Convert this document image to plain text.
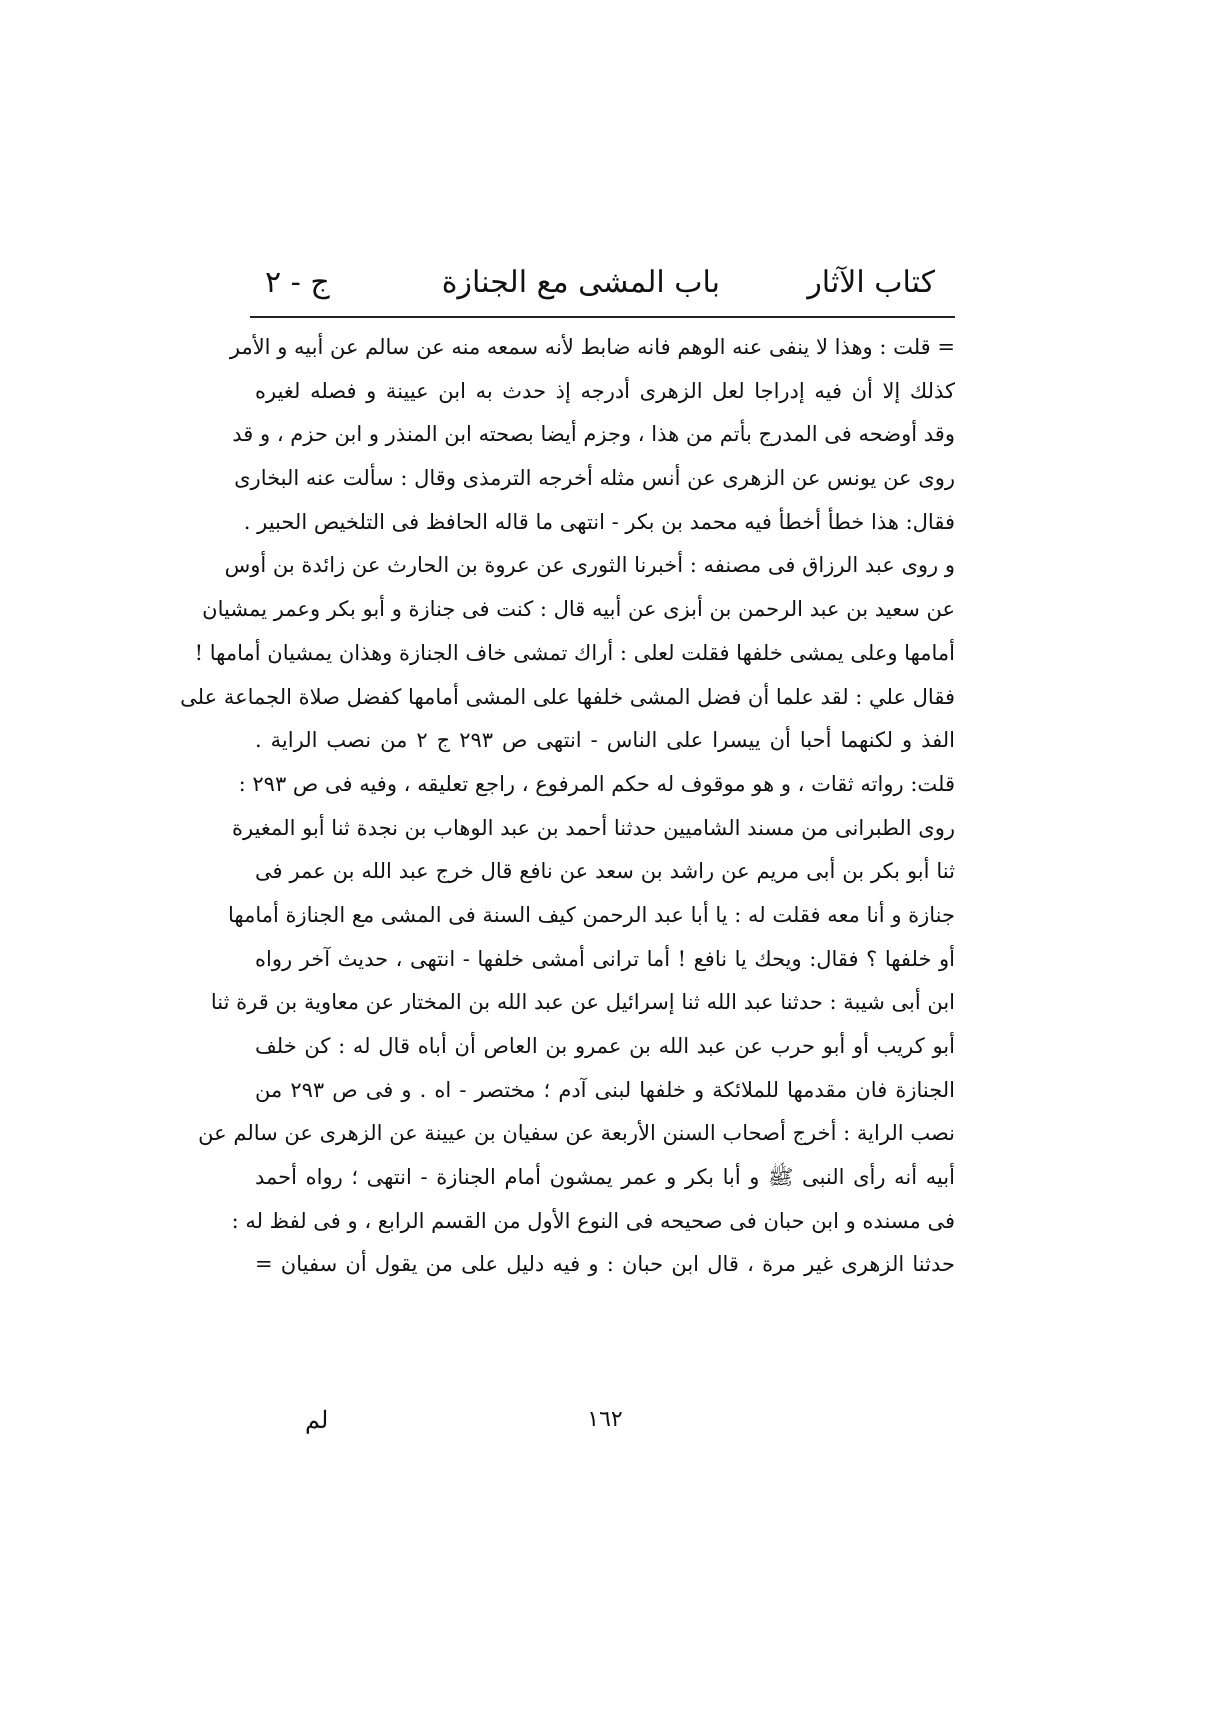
كتاب الآثار
باب المشى مع الجنازة
ج - ٢
= قلت : وهذا لا ينفى عنه الوهم فانه ضابط لأنه سمعه منه عن سالم عن أبيه و الأمر
كذلك إلا أن فيه إدراجا لعل الزهرى أدرجه إذ حدث به ابن عيينة و فصله لغيره
وقد أوضحه فى المدرج بأتم من هذا ، وجزم أيضا بصحته ابن المنذر و ابن حزم ، و قد
روى عن يونس عن الزهرى عن أنس مثله أخرجه الترمذى وقال : سألت عنه البخارى
فقال: هذا خطأ أخطأ فيه محمد بن بكر - انتهى ما قاله الحافظ فى التلخيص الحبير .
و روى عبد الرزاق فى مصنفه : أخبرنا الثورى عن عروة بن الحارث عن زائدة بن أوس
عن سعيد بن عبد الرحمن بن أبزى عن أبيه قال : كنت فى جنازة و أبو بكر وعمر يمشيان
أمامها وعلى يمشى خلفها فقلت لعلى : أراك تمشى خاف الجنازة وهذان يمشيان أمامها !
فقال علي : لقد علما أن فضل المشى خلفها على المشى أمامها كفضل صلاة الجماعة على
الفذ و لكنهما أحبا أن ييسرا على الناس - انتهى ص ٢٩٣ ج ٢ من نصب الراية .
قلت: رواته ثقات ، و هو موقوف له حكم المرفوع ، راجع تعليقه ، وفيه فى ص ٢٩٣ :
روى الطبرانى من مسند الشاميين حدثنا أحمد بن عبد الوهاب بن نجدة ثنا أبو المغيرة
ثنا أبو بكر بن أبى مريم عن راشد بن سعد عن نافع قال خرج عبد الله بن عمر فى
جنازة و أنا معه فقلت له : يا أبا عبد الرحمن كيف السنة فى المشى مع الجنازة أمامها
أو خلفها ؟ فقال: ويحك يا نافع ! أما ترانى أمشى خلفها - انتهى ، حديث آخر رواه
ابن أبى شيبة : حدثنا عبد الله ثنا إسرائيل عن عبد الله بن المختار عن معاوية بن قرة ثنا
أبو كريب أو أبو حرب عن عبد الله بن عمرو بن العاص أن أباه قال له : كن خلف
الجنازة فان مقدمها للملائكة و خلفها لبنى آدم ؛ مختصر - اه . و فى ص ٢٩٣ من
نصب الراية : أخرج أصحاب السنن الأربعة عن سفيان بن عيينة عن الزهرى عن سالم عن
أبيه أنه رأى النبى ﷺ و أبا بكر و عمر يمشون أمام الجنازة - انتهى ؛ رواه أحمد
فى مسنده و ابن حبان فى صحيحه فى النوع الأول من القسم الرابع ، و فى لفظ له :
حدثنا الزهرى غير مرة ، قال ابن حبان : و فيه دليل على من يقول أن سفيان =
١٦٢
لم
